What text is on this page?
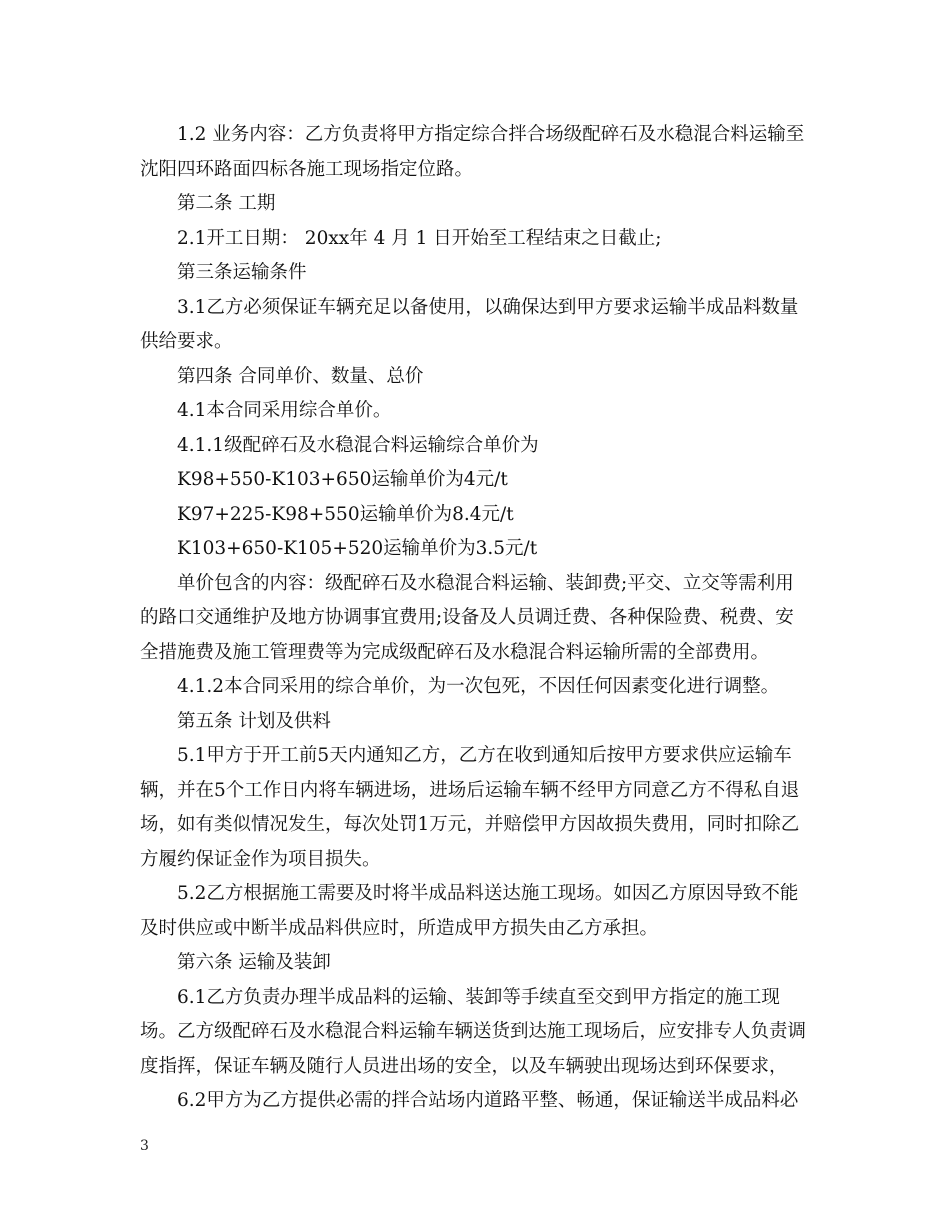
1.2 业务内容：乙方负责将甲方指定综合拌合场级配碎石及水稳混合料运输至沈阳四环路面四标各施工现场指定位路。

第二条 工期

2.1开工日期： 20xx年 4 月 1 日开始至工程结束之日截止;

第三条运输条件

3.1乙方必须保证车辆充足以备使用，以确保达到甲方要求运输半成品料数量供给要求。

第四条 合同单价、数量、总价

4.1本合同采用综合单价。

4.1.1级配碎石及水稳混合料运输综合单价为

K98+550-K103+650运输单价为4元/t

K97+225-K98+550运输单价为8.4元/t

K103+650-K105+520运输单价为3.5元/t

单价包含的内容：级配碎石及水稳混合料运输、装卸费;平交、立交等需利用的路口交通维护及地方协调事宜费用;设备及人员调迁费、各种保险费、税费、安全措施费及施工管理费等为完成级配碎石及水稳混合料运输所需的全部费用。

4.1.2本合同采用的综合单价，为一次包死，不因任何因素变化进行调整。

第五条 计划及供料

5.1甲方于开工前5天内通知乙方，乙方在收到通知后按甲方要求供应运输车辆，并在5个工作日内将车辆进场，进场后运输车辆不经甲方同意乙方不得私自退场，如有类似情况发生，每次处罚1万元，并赔偿甲方因故损失费用，同时扣除乙方履约保证金作为项目损失。

5.2乙方根据施工需要及时将半成品料送达施工现场。如因乙方原因导致不能及时供应或中断半成品料供应时，所造成甲方损失由乙方承担。

第六条 运输及装卸

6.1乙方负责办理半成品料的运输、装卸等手续直至交到甲方指定的施工现场。乙方级配碎石及水稳混合料运输车辆送货到达施工现场后，应安排专人负责调度指挥，保证车辆及随行人员进出场的安全，以及车辆驶出现场达到环保要求，

6.2甲方为乙方提供必需的拌合站场内道路平整、畅通，保证输送半成品料必

3
